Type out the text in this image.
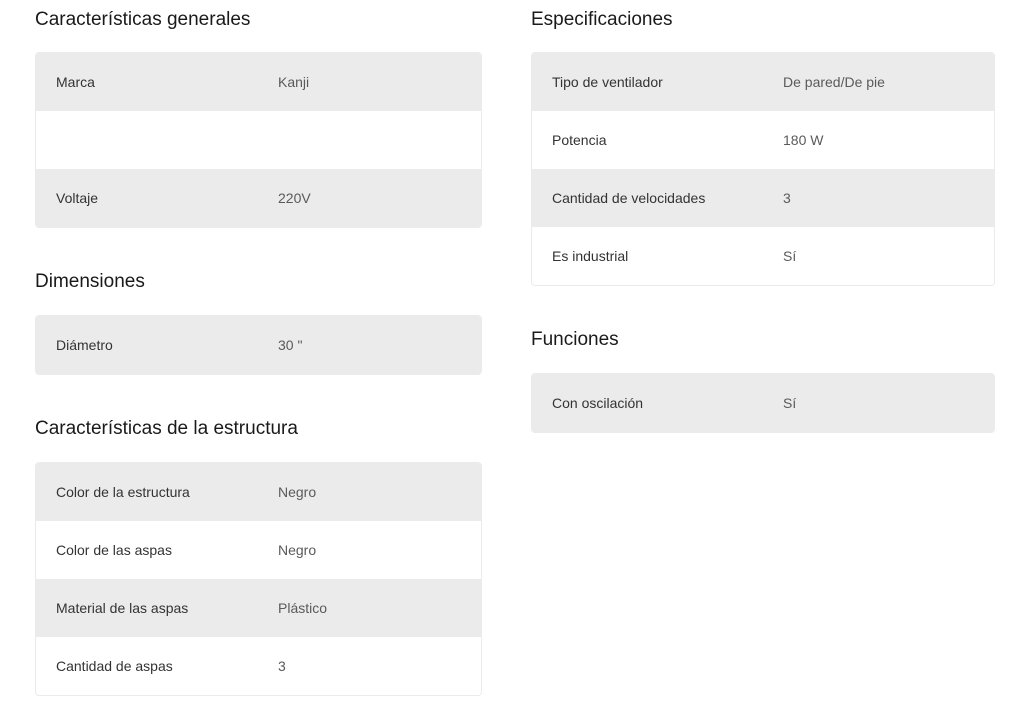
Características generales
Marca	Kanji
Voltaje	220V
Dimensiones
Diámetro	30 "
Características de la estructura
Color de la estructura	Negro
Color de las aspas	Negro
Material de las aspas	Plástico
Cantidad de aspas	3
Especificaciones
Tipo de ventilador	De pared/De pie
Potencia	180 W
Cantidad de velocidades	3
Es industrial	Sí
Funciones
Con oscilación	Sí
